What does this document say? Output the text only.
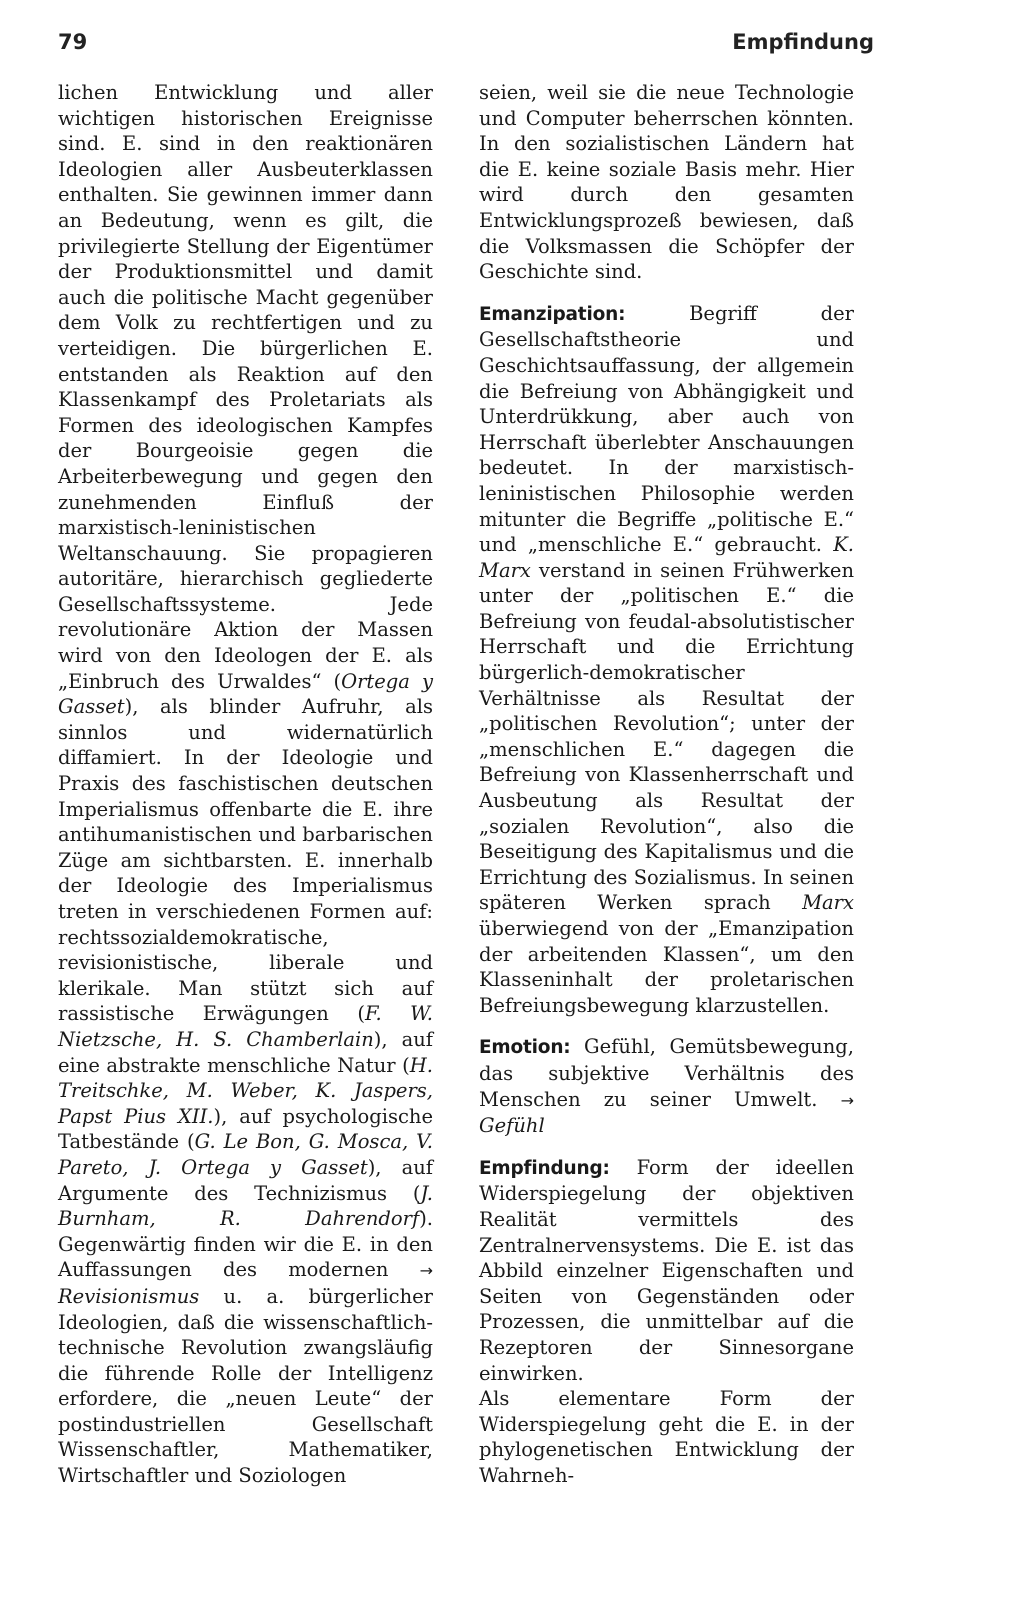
79	Empfindung

lichen Entwicklung und aller wichtigen historischen Ereignisse sind. E. sind in den reaktionären Ideologien aller Ausbeuterklassen enthalten. Sie gewinnen immer dann an Bedeutung, wenn es gilt, die privilegierte Stellung der Eigentümer der Produktionsmittel und damit auch die politische Macht gegenüber dem Volk zu rechtfertigen und zu verteidigen. Die bürgerlichen E. entstanden als Reaktion auf den Klassenkampf des Proletariats als Formen des ideologischen Kampfes der Bourgeoisie gegen die Arbeiterbewegung und gegen den zunehmenden Einfluß der marxistisch-leninistischen Weltanschauung. Sie propagieren autoritäre, hierarchisch gegliederte Gesellschaftssysteme. Jede revolutionäre Aktion der Massen wird von den Ideologen der E. als „Einbruch des Urwaldes“ (Ortega y Gasset), als blinder Aufruhr, als sinnlos und widernatürlich diffamiert. In der Ideologie und Praxis des faschistischen deutschen Imperialismus offenbarte die E. ihre antihumanistischen und barbarischen Züge am sichtbarsten. E. innerhalb der Ideologie des Imperialismus treten in verschiedenen Formen auf: rechtssozialdemokratische, revisionistische, liberale und klerikale. Man stützt sich auf rassistische Erwägungen (F. W. Nietzsche, H. S. Chamberlain), auf eine abstrakte menschliche Natur (H. Treitschke, M. Weber, K. Jaspers, Papst Pius XII.), auf psychologische Tatbestände (G. Le Bon, G. Mosca, V. Pareto, J. Ortega y Gasset), auf Argumente des Technizismus (J. Burnham, R. Dahrendorf). Gegenwärtig finden wir die E. in den Auffassungen des modernen → Revisionismus u. a. bürgerlicher Ideologien, daß die wissenschaftlich-technische Revolution zwangsläufig die führende Rolle der Intelligenz erfordere, die „neuen Leute“ der postindustriellen Gesellschaft Wissenschaftler, Mathematiker, Wirtschaftler und Soziologen

seien, weil sie die neue Technologie und Computer beherrschen könnten. In den sozialistischen Ländern hat die E. keine soziale Basis mehr. Hier wird durch den gesamten Entwicklungsprozeß bewiesen, daß die Volksmassen die Schöpfer der Geschichte sind.

Emanzipation: Begriff der Gesellschaftstheorie und Geschichtsauffassung, der allgemein die Befreiung von Abhängigkeit und Unterdrükkung, aber auch von Herrschaft überlebter Anschauungen bedeutet. In der marxistisch-leninistischen Philosophie werden mitunter die Begriffe „politische E.“ und „menschliche E.“ gebraucht. K. Marx verstand in seinen Frühwerken unter der „politischen E.“ die Befreiung von feudal-absolutistischer Herrschaft und die Errichtung bürgerlich-demokratischer Verhältnisse als Resultat der „politischen Revolution“; unter der „menschlichen E.“ dagegen die Befreiung von Klassenherrschaft und Ausbeutung als Resultat der „sozialen Revolution“, also die Beseitigung des Kapitalismus und die Errichtung des Sozialismus. In seinen späteren Werken sprach Marx überwiegend von der „Emanzipation der arbeitenden Klassen“, um den Klasseninhalt der proletarischen Befreiungsbewegung klarzustellen.

Emotion: Gefühl, Gemütsbewegung, das subjektive Verhältnis des Menschen zu seiner Umwelt. → Gefühl

Empfindung: Form der ideellen Widerspiegelung der objektiven Realität vermittels des Zentralnervensystems. Die E. ist das Abbild einzelner Eigenschaften und Seiten von Gegenständen oder Prozessen, die unmittelbar auf die Rezeptoren der Sinnesorgane einwirken.

Als elementare Form der Widerspiegelung geht die E. in der phylogenetischen Entwicklung der Wahrneh-
